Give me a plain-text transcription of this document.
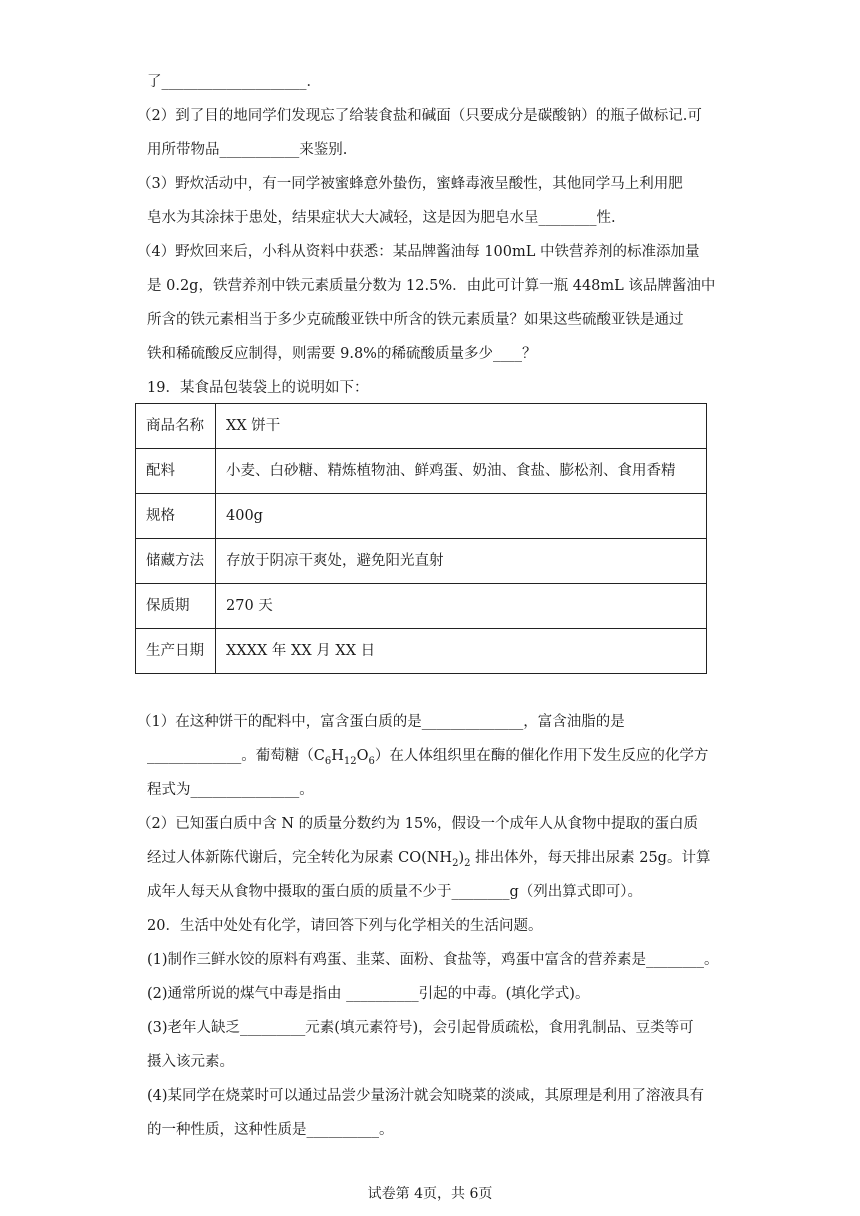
了____________________．
（2）到了目的地同学们发现忘了给装食盐和碱面（只要成分是碳酸钠）的瓶子做标记.可
用所带物品___________来鉴别.
（3）野炊活动中，有一同学被蜜蜂意外蛰伤，蜜蜂毒液呈酸性，其他同学马上利用肥
皂水为其涂抹于患处，结果症状大大减轻，这是因为肥皂水呈________性.
（4）野炊回来后，小科从资料中获悉：某品牌酱油每 100mL 中铁营养剂的标准添加量
是 0.2g，铁营养剂中铁元素质量分数为 12.5%．由此可计算一瓶 448mL 该品牌酱油中
所含的铁元素相当于多少克硫酸亚铁中所含的铁元素质量？如果这些硫酸亚铁是通过
铁和稀硫酸反应制得，则需要 9.8%的稀硫酸质量多少____？
19．某食品包装袋上的说明如下：
商品名称	XX 饼干
配料	小麦、白砂糖、精炼植物油、鲜鸡蛋、奶油、食盐、膨松剂、食用香精
规格	400g
储藏方法	存放于阴凉干爽处，避免阳光直射
保质期	270 天
生产日期	XXXX 年 XX 月 XX 日
（1）在这种饼干的配料中，富含蛋白质的是______________，富含油脂的是
_____________。葡萄糖$(C_6H_{12}O_6)$在人体组织里在酶的催化作用下发生反应的化学方
程式为_______________。
（2）已知蛋白质中含 N 的质量分数约为 15%，假设一个成年人从食物中提取的蛋白质
经过人体新陈代谢后，完全转化为尿素 $CO(NH_2)_2$ 排出体外，每天排出尿素 25g。计算
成年人每天从食物中摄取的蛋白质的质量不少于________g（列出算式即可）。
20．生活中处处有化学，请回答下列与化学相关的生活问题。
(1)制作三鲜水饺的原料有鸡蛋、韭菜、面粉、食盐等，鸡蛋中富含的营养素是________。
(2)通常所说的煤气中毒是指由 __________引起的中毒。(填化学式)。
(3)老年人缺乏_________元素(填元素符号)，会引起骨质疏松，食用乳制品、豆类等可
摄入该元素。
(4)某同学在烧菜时可以通过品尝少量汤汁就会知晓菜的淡咸，其原理是利用了溶液具有
的一种性质，这种性质是__________。
试卷第 4页，共 6页
